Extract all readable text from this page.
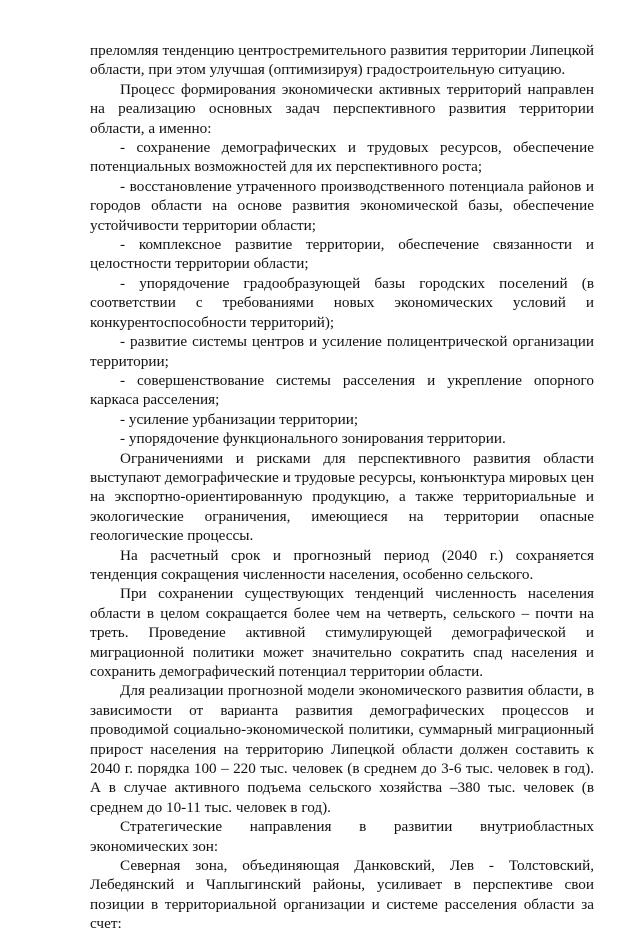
преломляя тенденцию центростремительного развития территории Липецкой области, при этом улучшая (оптимизируя) градостроительную ситуацию.

Процесс формирования экономически активных территорий направлен на реализацию основных задач перспективного развития территории области, а именно:

- сохранение демографических и трудовых ресурсов, обеспечение потенциальных возможностей для их перспективного роста;

- восстановление утраченного производственного потенциала районов и городов области на основе развития экономической базы, обеспечение устойчивости территории области;

- комплексное развитие территории, обеспечение связанности и целостности территории области;

- упорядочение градообразующей базы городских поселений (в соответствии с требованиями новых экономических условий и конкурентоспособности территорий);

- развитие системы центров и усиление полицентрической организации территории;

- совершенствование системы расселения и укрепление опорного каркаса расселения;

- усиление урбанизации территории;

- упорядочение функционального зонирования территории.

Ограничениями и рисками для перспективного развития области выступают демографические и трудовые ресурсы, конъюнктура мировых цен на экспортно-ориентированную продукцию, а также территориальные и экологические ограничения, имеющиеся на территории опасные геологические процессы.

На расчетный срок и прогнозный период (2040 г.) сохраняется тенденция сокращения численности населения, особенно сельского.

При сохранении существующих тенденций численность населения области в целом сокращается более чем на четверть, сельского – почти на треть. Проведение активной стимулирующей демографической и миграционной политики может значительно сократить спад населения и сохранить демографический потенциал территории области.

Для реализации прогнозной модели экономического развития области, в зависимости от варианта развития демографических процессов и проводимой социально-экономической политики, суммарный миграционный прирост населения на территорию Липецкой области должен составить к 2040 г. порядка 100 – 220 тыс. человек (в среднем до 3-6 тыс. человек в год). А в случае активного подъема сельского хозяйства –380 тыс. человек (в среднем до 10-11 тыс. человек в год).

Стратегические направления в развитии внутриобластных экономических зон:

Северная зона, объединяющая Данковский, Лев - Толстовский, Лебедянский и Чаплыгинский районы, усиливает в перспективе свои позиции в территориальной организации и системе расселения области за счет:
